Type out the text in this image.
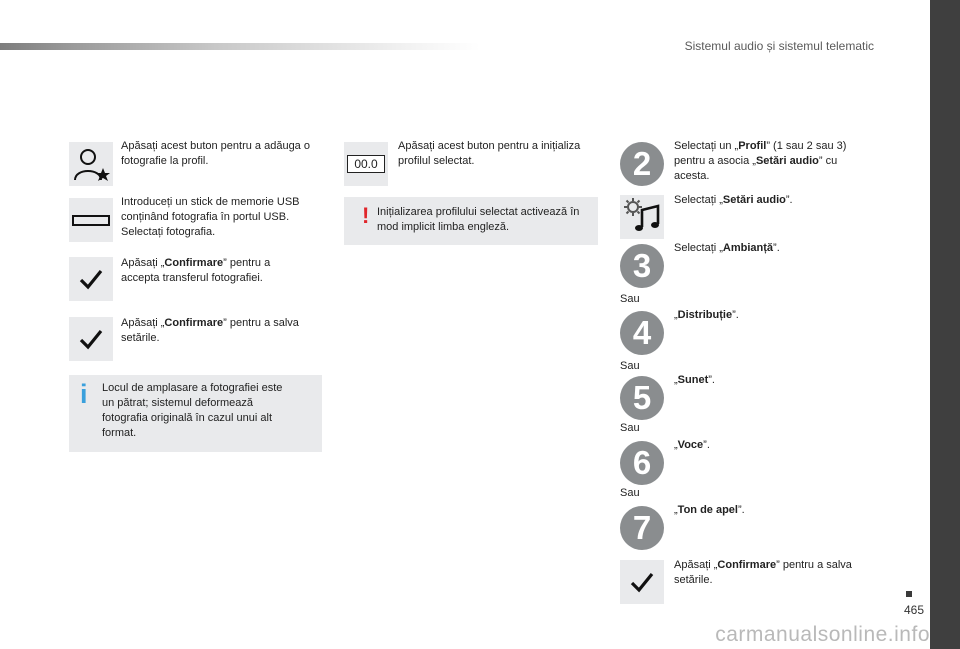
Sistemul audio și sistemul telematic
465
Apăsați acest buton pentru a adăuga o fotografie la profil.
Introduceți un stick de memorie USB conținând fotografia în portul USB. Selectați fotografia.
Apăsați „Confirmare” pentru a accepta transferul fotografiei.
Apăsați „Confirmare” pentru a salva setările.
i Locul de amplasare a fotografiei este un pătrat; sistemul deformează fotografia originală în cazul unui alt format.
00.0
Apăsați acest buton pentru a inițializa profilul selectat.
! Inițializarea profilului selectat activează în mod implicit limba engleză.
2	Selectați un „Profil” (1 sau 2 sau 3) pentru a asocia „Setări audio” cu acesta.
Selectați „Setări audio”.
3	Selectați „Ambianță”.
Sau
4	„Distribuție”.
Sau
5	„Sunet”.
Sau
6	„Voce”.
Sau
7	„Ton de apel”.
Apăsați „Confirmare” pentru a salva setările.
carmanualsonline.info
